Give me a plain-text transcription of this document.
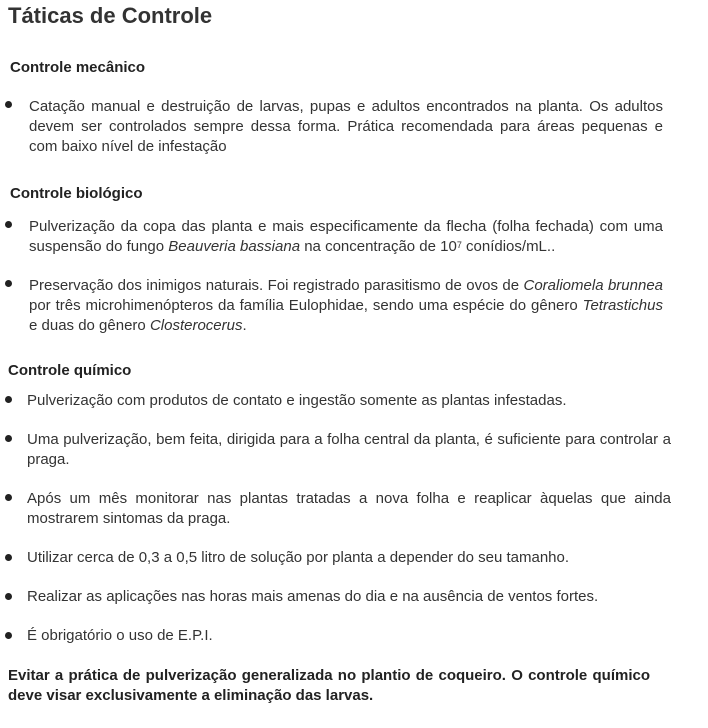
Táticas de Controle
Controle mecânico
Catação manual e destruição de larvas, pupas e adultos encontrados na planta. Os adultos devem ser controlados sempre dessa forma. Prática recomendada para áreas pequenas e com baixo nível de infestação
Controle biológico
Pulverização da copa das planta e mais especificamente da flecha (folha fechada) com uma suspensão do fungo Beauveria bassiana na concentração de $10^7$ conídios/mL..
Preservação dos inimigos naturais. Foi registrado parasitismo de ovos de Coraliomela brunnea por três microhimenópteros da família Eulophidae, sendo uma espécie do gênero Tetrastichus e duas do gênero Closterocerus.
Controle químico
Pulverização com produtos de contato e ingestão somente as plantas infestadas.
Uma pulverização, bem feita, dirigida para a folha central da planta, é suficiente para controlar a praga.
Após um mês monitorar nas plantas tratadas a nova folha e reaplicar àquelas que ainda mostrarem sintomas da praga.
Utilizar cerca de 0,3 a 0,5 litro de solução por planta a depender do seu tamanho.
Realizar as aplicações nas horas mais amenas do dia e na ausência de ventos fortes.
É obrigatório o uso de E.P.I.

Evitar a prática de pulverização generalizada no plantio de coqueiro. O controle químico deve visar exclusivamente a eliminação das larvas.
